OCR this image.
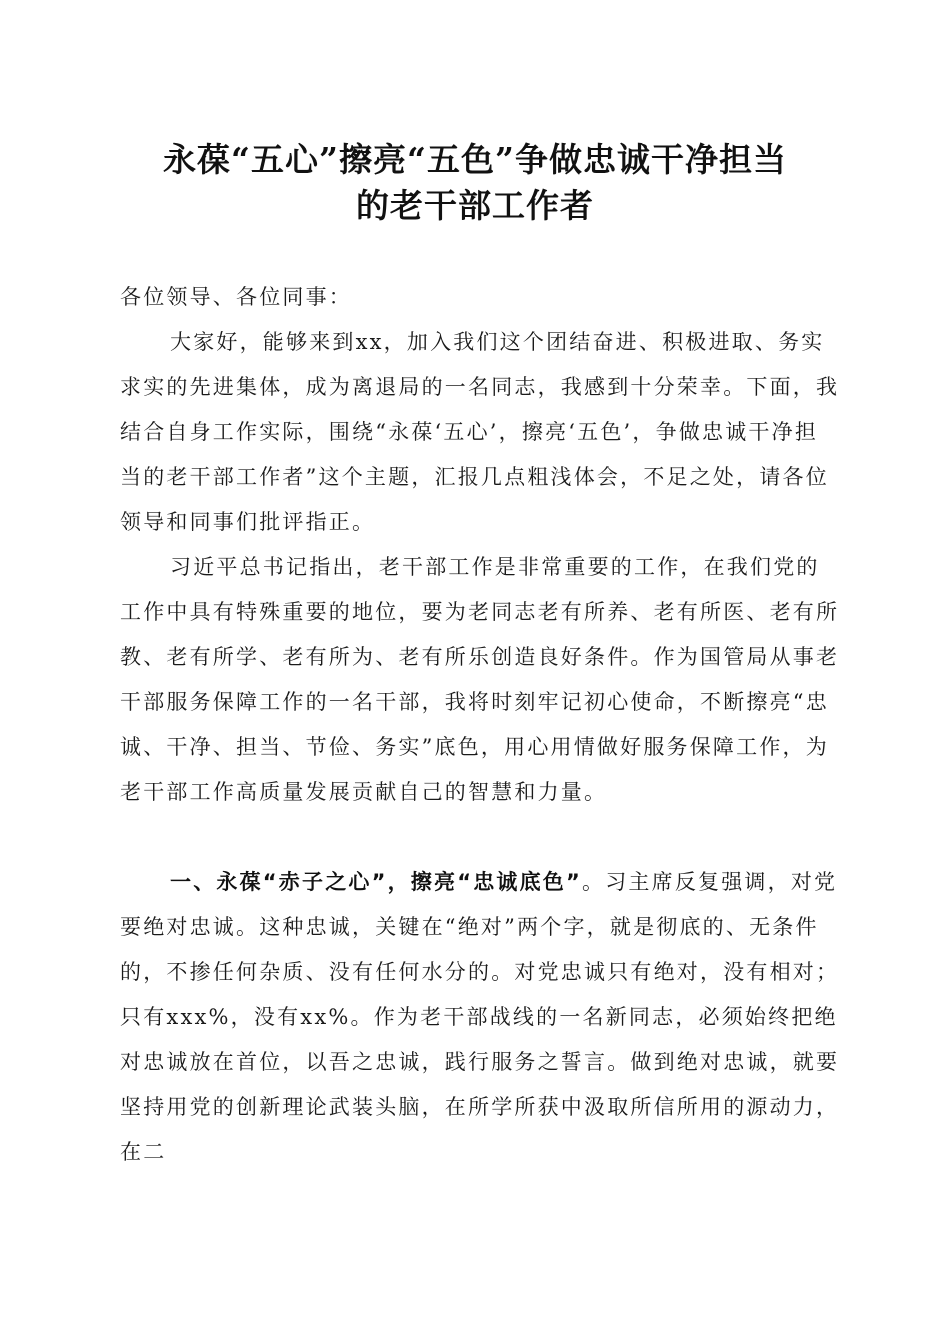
永葆“五心”擦亮“五色”争做忠诚干净担当
的老干部工作者
各位领导、各位同事：

大家好，能够来到xx，加入我们这个团结奋进、积极进取、务实求实的先进集体，成为离退局的一名同志，我感到十分荣幸。下面，我结合自身工作实际，围绕“永葆‘五心’，擦亮‘五色’，争做忠诚干净担当的老干部工作者”这个主题，汇报几点粗浅体会，不足之处，请各位领导和同事们批评指正。

习近平总书记指出，老干部工作是非常重要的工作，在我们党的工作中具有特殊重要的地位，要为老同志老有所养、老有所医、老有所教、老有所学、老有所为、老有所乐创造良好条件。作为国管局从事老干部服务保障工作的一名干部，我将时刻牢记初心使命，不断擦亮“忠诚、干净、担当、节俭、务实”底色，用心用情做好服务保障工作，为老干部工作高质量发展贡献自己的智慧和力量。

一、永葆“赤子之心”，擦亮“忠诚底色”。习主席反复强调，对党要绝对忠诚。这种忠诚，关键在“绝对”两个字，就是彻底的、无条件的，不掺任何杂质、没有任何水分的。对党忠诚只有绝对，没有相对；只有xxx%，没有xx%。作为老干部战线的一名新同志，必须始终把绝对忠诚放在首位，以吾之忠诚，践行服务之誓言。做到绝对忠诚，就要坚持用党的创新理论武装头脑，在所学所获中汲取所信所用的源动力，在二
